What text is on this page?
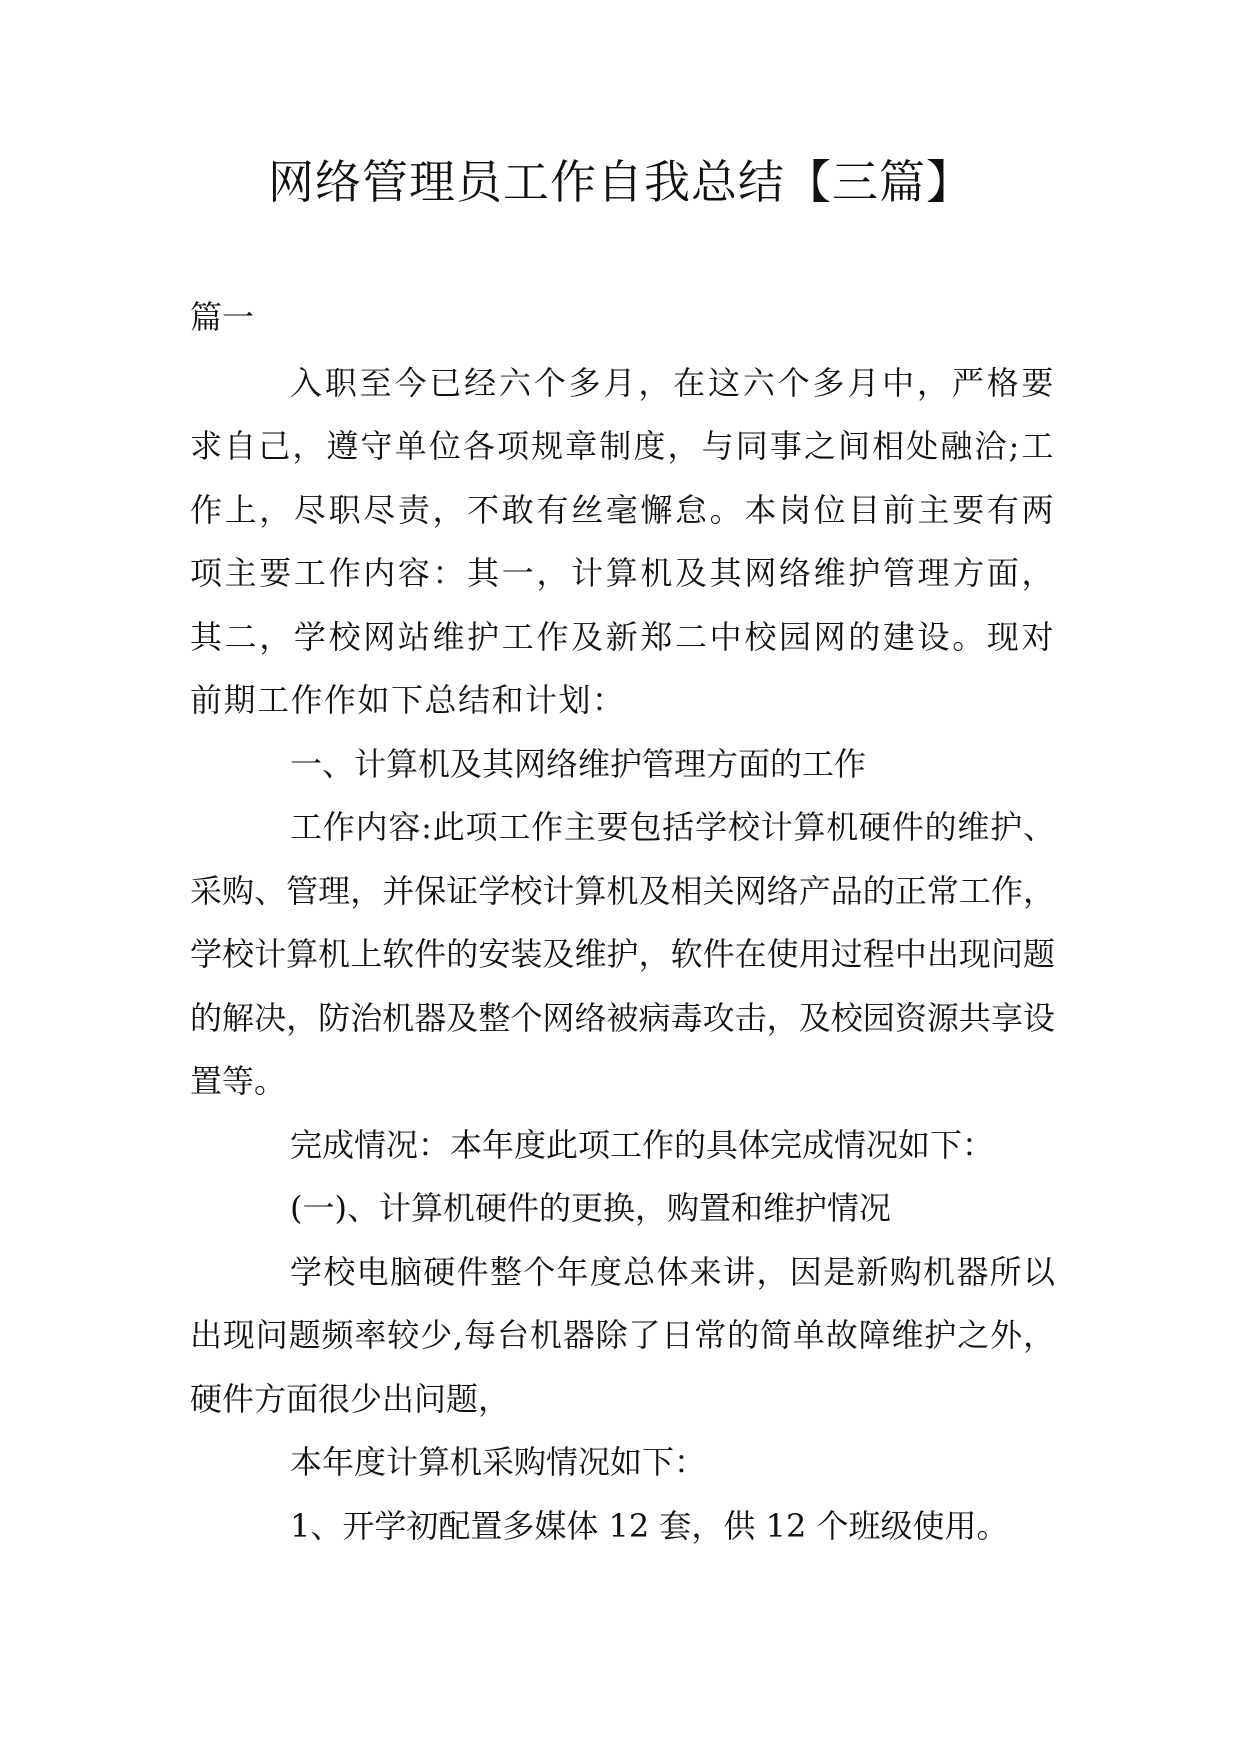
网络管理员工作自我总结【三篇】
篇一

入职至今已经六个多月，在这六个多月中，严格要求自己，遵守单位各项规章制度，与同事之间相处融洽;工作上，尽职尽责，不敢有丝毫懈怠。本岗位目前主要有两项主要工作内容：其一，计算机及其网络维护管理方面，其二，学校网站维护工作及新郑二中校园网的建设。现对前期工作作如下总结和计划：

一、计算机及其网络维护管理方面的工作

工作内容:此项工作主要包括学校计算机硬件的维护、采购、管理，并保证学校计算机及相关网络产品的正常工作，学校计算机上软件的安装及维护，软件在使用过程中出现问题的解决，防治机器及整个网络被病毒攻击，及校园资源共享设置等。

完成情况：本年度此项工作的具体完成情况如下：

(一)、计算机硬件的更换，购置和维护情况

学校电脑硬件整个年度总体来讲，因是新购机器所以出现问题频率较少,每台机器除了日常的简单故障维护之外，硬件方面很少出问题，

本年度计算机采购情况如下：

1、开学初配置多媒体 12 套，供 12 个班级使用。
